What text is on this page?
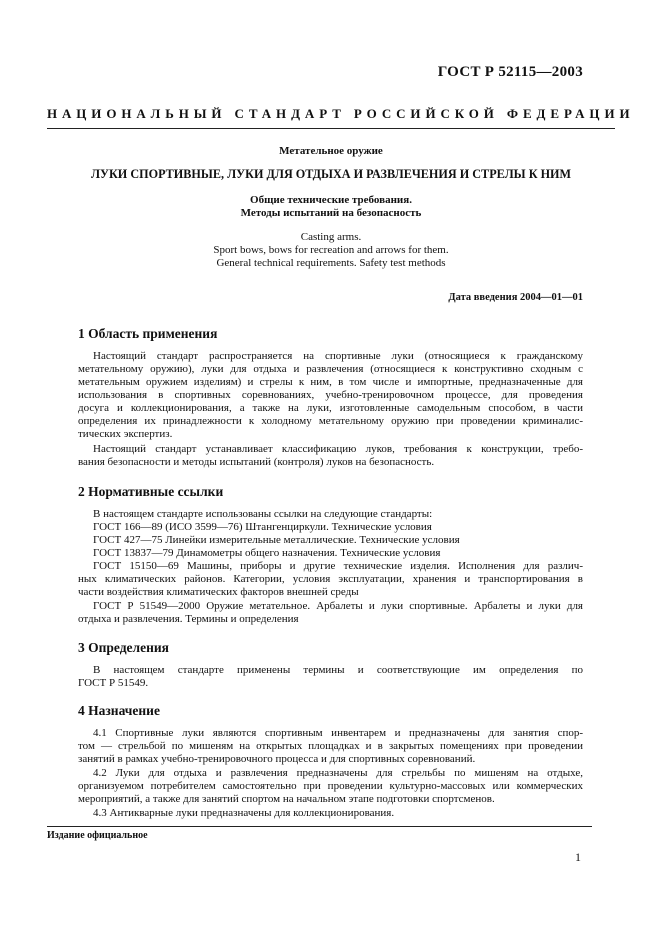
ГОСТ Р 52115—2003
НАЦИОНАЛЬНЫЙ СТАНДАРТ РОССИЙСКОЙ ФЕДЕРАЦИИ
Метательное оружие
ЛУКИ СПОРТИВНЫЕ, ЛУКИ ДЛЯ ОТДЫХА И РАЗВЛЕЧЕНИЯ И СТРЕЛЫ К НИМ
Общие технические требования.
Методы испытаний на безопасность
Casting arms.
Sport bows, bows for recreation and arrows for them.
General technical requirements. Safety test methods
Дата введения 2004—01—01
1 Область применения
Настоящий стандарт распространяется на спортивные луки (относящиеся к гражданскому
метательному оружию), луки для отдыха и развлечения (относящиеся к конструктивно сходным с
метательным оружием изделиям) и стрелы к ним, в том числе и импортные, предназначенные для
использования в спортивных соревнованиях, учебно-тренировочном процессе, для проведения
досуга и коллекционирования, а также на луки, изготовленные самодельным способом, в части
определения их принадлежности к холодному метательному оружию при проведении криминалис-
тических экспертиз.
Настоящий стандарт устанавливает классификацию луков, требования к конструкции, требо-
вания безопасности и методы испытаний (контроля) луков на безопасность.
2 Нормативные ссылки
В настоящем стандарте использованы ссылки на следующие стандарты:
ГОСТ 166—89 (ИСО 3599—76) Штангенциркули. Технические условия
ГОСТ 427—75 Линейки измерительные металлические. Технические условия
ГОСТ 13837—79 Динамометры общего назначения. Технические условия
ГОСТ 15150—69 Машины, приборы и другие технические изделия. Исполнения для различ-
ных климатических районов. Категории, условия эксплуатации, хранения и транспортирования в
части воздействия климатических факторов внешней среды
ГОСТ Р 51549—2000 Оружие метательное. Арбалеты и луки спортивные. Арбалеты и луки для
отдыха и развлечения. Термины и определения
3 Определения
В настоящем стандарте применены термины и соответствующие им определения по
ГОСТ Р 51549.
4 Назначение
4.1 Спортивные луки являются спортивным инвентарем и предназначены для занятия спор-
том — стрельбой по мишеням на открытых площадках и в закрытых помещениях при проведении
занятий в рамках учебно-тренировочного процесса и для спортивных соревнований.
4.2 Луки для отдыха и развлечения предназначены для стрельбы по мишеням на отдыхе,
организуемом потребителем самостоятельно при проведении культурно-массовых или коммерческих
мероприятий, а также для занятий спортом на начальном этапе подготовки спортсменов.
4.3 Антикварные луки предназначены для коллекционирования.
Издание официальное
1
